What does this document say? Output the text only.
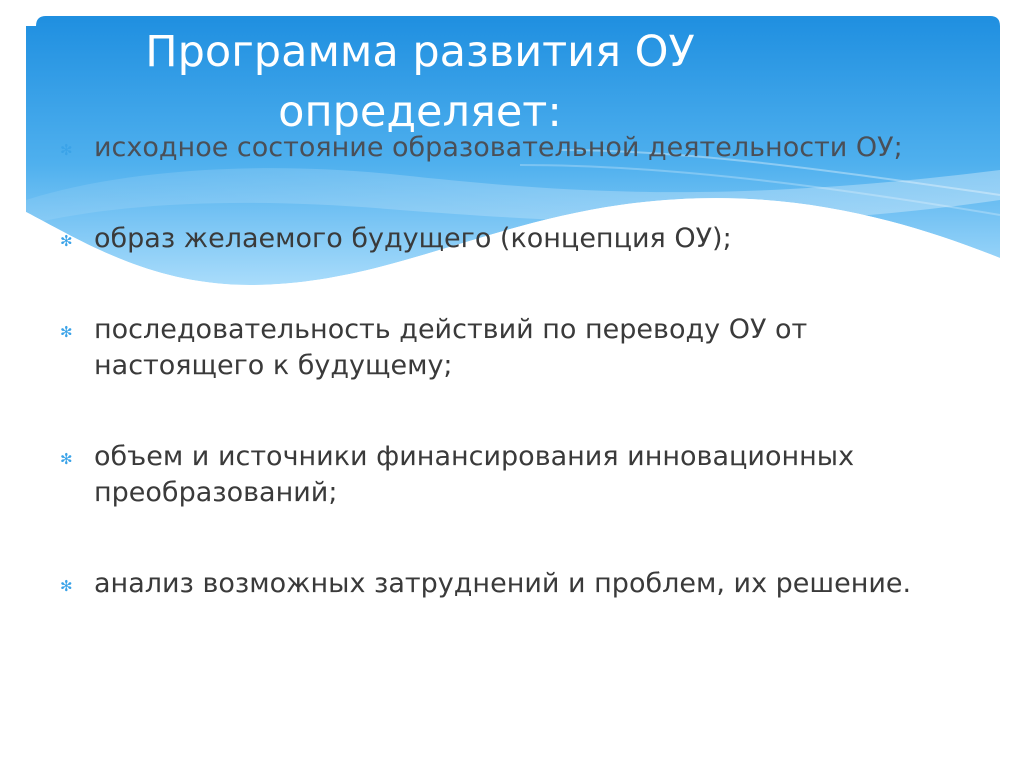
Программа развития ОУ определяет:
✻ исходное состояние образовательной деятельности ОУ;
✻ образ желаемого будущего (концепция ОУ);
✻ последовательность действий по переводу ОУ от настоящего к будущему;
✻ объем и источники финансирования инновационных преобразований;
✻ анализ возможных затруднений и проблем, их решение.
